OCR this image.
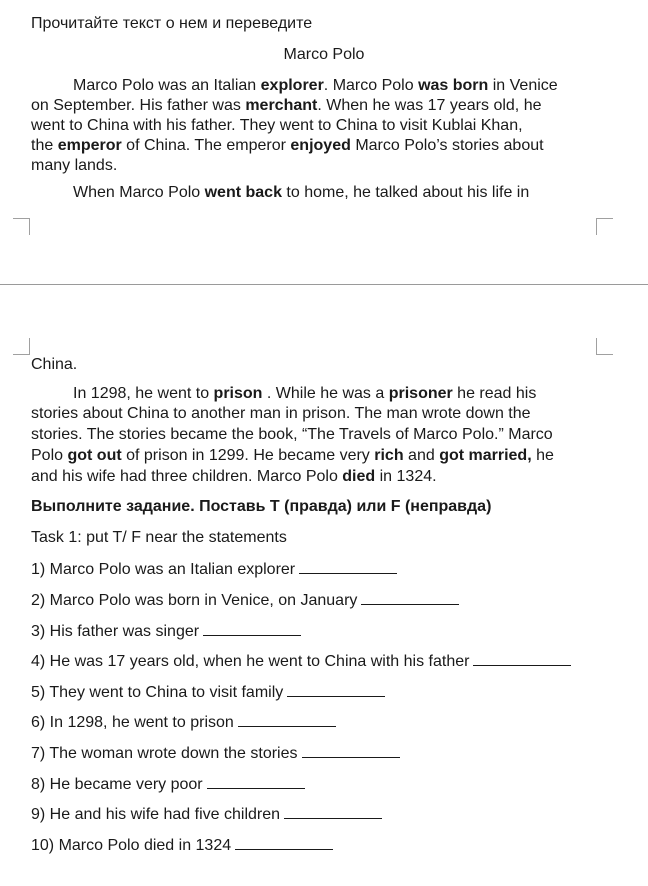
Прочитайте текст о нем и переведите
Marco Polo
Marco Polo was an Italian explorer. Marco Polo was born in Venice
on September. His father was merchant. When he was 17 years old, he
went to China with his father. They went to China to visit Kublai Khan,
the emperor of China. The emperor enjoyed Marco Polo’s stories about
many lands.
When Marco Polo went back to home, he talked about his life in
China.
In 1298, he went to prison . While he was a prisoner he read his
stories about China to another man in prison. The man wrote down the
stories. The stories became the book, “The Travels of Marco Polo.” Marco
Polo got out of prison in 1299. He became very rich and got married, he
and his wife had three children. Marco Polo died in 1324.
Выполните задание. Поставь T (правда) или F (неправда)
Task 1: put T/ F near the statements
1) Marco Polo was an Italian explorer
2) Marco Polo was born in Venice, on January
3) His father was singer
4) He was 17 years old, when he went to China with his father
5) They went to China to visit family
6) In 1298, he went to prison
7) The woman wrote down the stories
8) He became very poor
9) He and his wife had five children
10) Marco Polo died in 1324
